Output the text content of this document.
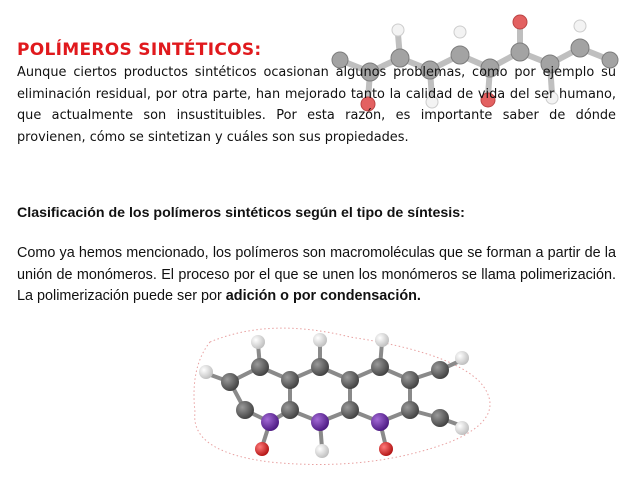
POLÍMEROS SINTÉTICOS:

Aunque ciertos productos sintéticos ocasionan algunos problemas, como por ejemplo su eliminación residual, por otra parte, han mejorado tanto la calidad de vida del ser humano, que actualmente son insustituibles. Por esta razón, es importante saber de dónde provienen, cómo se sintetizan y cuáles son sus propiedades.

Clasificación de los polímeros sintéticos según el tipo de síntesis:

Como ya hemos mencionado, los polímeros son macromoléculas que se forman a partir de la unión de monómeros. El proceso por el que se unen los monómeros se llama polimerización. La polimerización puede ser por adición o por condensación.
